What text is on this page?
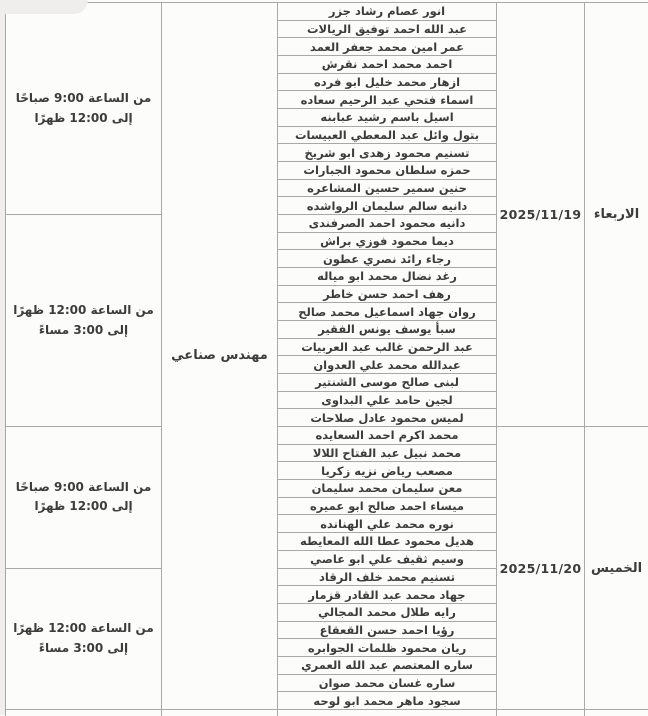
مهندس صناعي
2025/11/19 الاربعاء
من الساعة 9:00 صباحًا
إلى 12:00 ظهرًا
انور عصام رشاد جزر
عبد الله احمد توفيق الريالات
عمر امين محمد جعفر العمد
احمد محمد احمد نقرش
ازهار محمد خليل ابو فرده
اسماء فتحي عبد الرحيم سعاده
اسيل باسم رشيد عبابنه
بتول وائل عبد المعطي العبيسات
تسنيم محمود زهدى ابو شريخ
حمزه سلطان محمود الجبارات
حنين سمير حسين المشاعره
دانيه سالم سليمان الرواشده
من الساعة 12:00 ظهرًا
إلى 3:00 مساءً
دانيه محمود احمد الصرفندى
ديما محمود فوزي براش
رجاء رائد نصري عطون
رغد نضال محمد ابو مياله
رهف احمد حسن خاطر
روان جهاد اسماعيل محمد صالح
سبأ يوسف يونس الفقير
عبد الرحمن غالب عبد العربيات
عبدالله محمد علي العدوان
لبنى صالح موسى الشنتير
لجين حامد علي البداوى
لميس محمود عادل صلاحات
2025/11/20 الخميس
من الساعة 9:00 صباحًا
إلى 12:00 ظهرًا
محمد اكرم احمد السعايده
محمد نبيل عبد الفتاح اللالا
مصعب رياض نزيه زكريا
معن سليمان محمد سليمان
ميساء احمد صالح ابو عميره
نوره محمد علي الهنانده
هديل محمود عطا الله المعايطه
وسيم ثقيف علي ابو عاصي
من الساعة 12:00 ظهرًا
إلى 3:00 مساءً
تسنيم محمد خلف الرقاد
جهاد محمد عبد القادر قزمار
رايه طلال محمد المجالي
رؤيا احمد حسن القعقاع
ريان محمود ظلمات الجوابره
ساره المعتصم عبد الله العمري
ساره غسان محمد صوان
سجود ماهر محمد ابو لوحه
